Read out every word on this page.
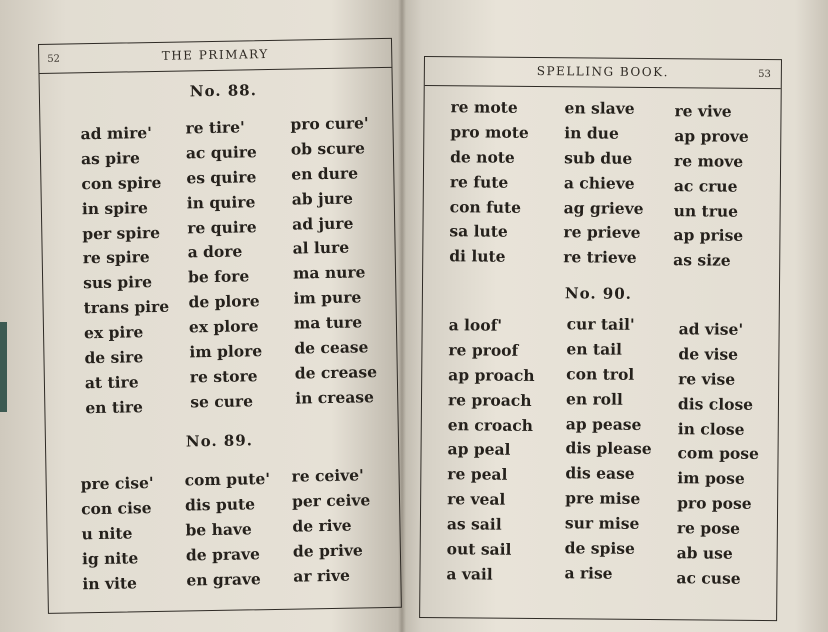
52	THE PRIMARY
No. 88.
ad mire'
as pire
con spire
in spire
per spire
re spire
sus pire
trans pire
ex pire
de sire
at tire
en tire
re tire'
ac quire
es quire
in quire
re quire
a dore
be fore
de plore
ex plore
im plore
re store
se cure
pro cure'
ob scure
en dure
ab jure
ad jure
al lure
ma nure
im pure
ma ture
de cease
de crease
in crease
No. 89.
pre cise'
con cise
u nite
ig nite
in vite
com pute'
dis pute
be have
de prave
en grave
re ceive'
per ceive
de rive
de prive
ar rive
SPELLING BOOK.	53
re mote
pro mote
de note
re fute
con fute
sa lute
di lute
en slave
in due
sub due
a chieve
ag grieve
re prieve
re trieve
re vive
ap prove
re move
ac crue
un true
ap prise
as size
No. 90.
a loof'
re proof
ap proach
re proach
en croach
ap peal
re peal
re veal
as sail
out sail
a vail
cur tail'
en tail
con trol
en roll
ap pease
dis please
dis ease
pre mise
sur mise
de spise
a rise
ad vise'
de vise
re vise
dis close
in close
com pose
im pose
pro pose
re pose
ab use
ac cuse
